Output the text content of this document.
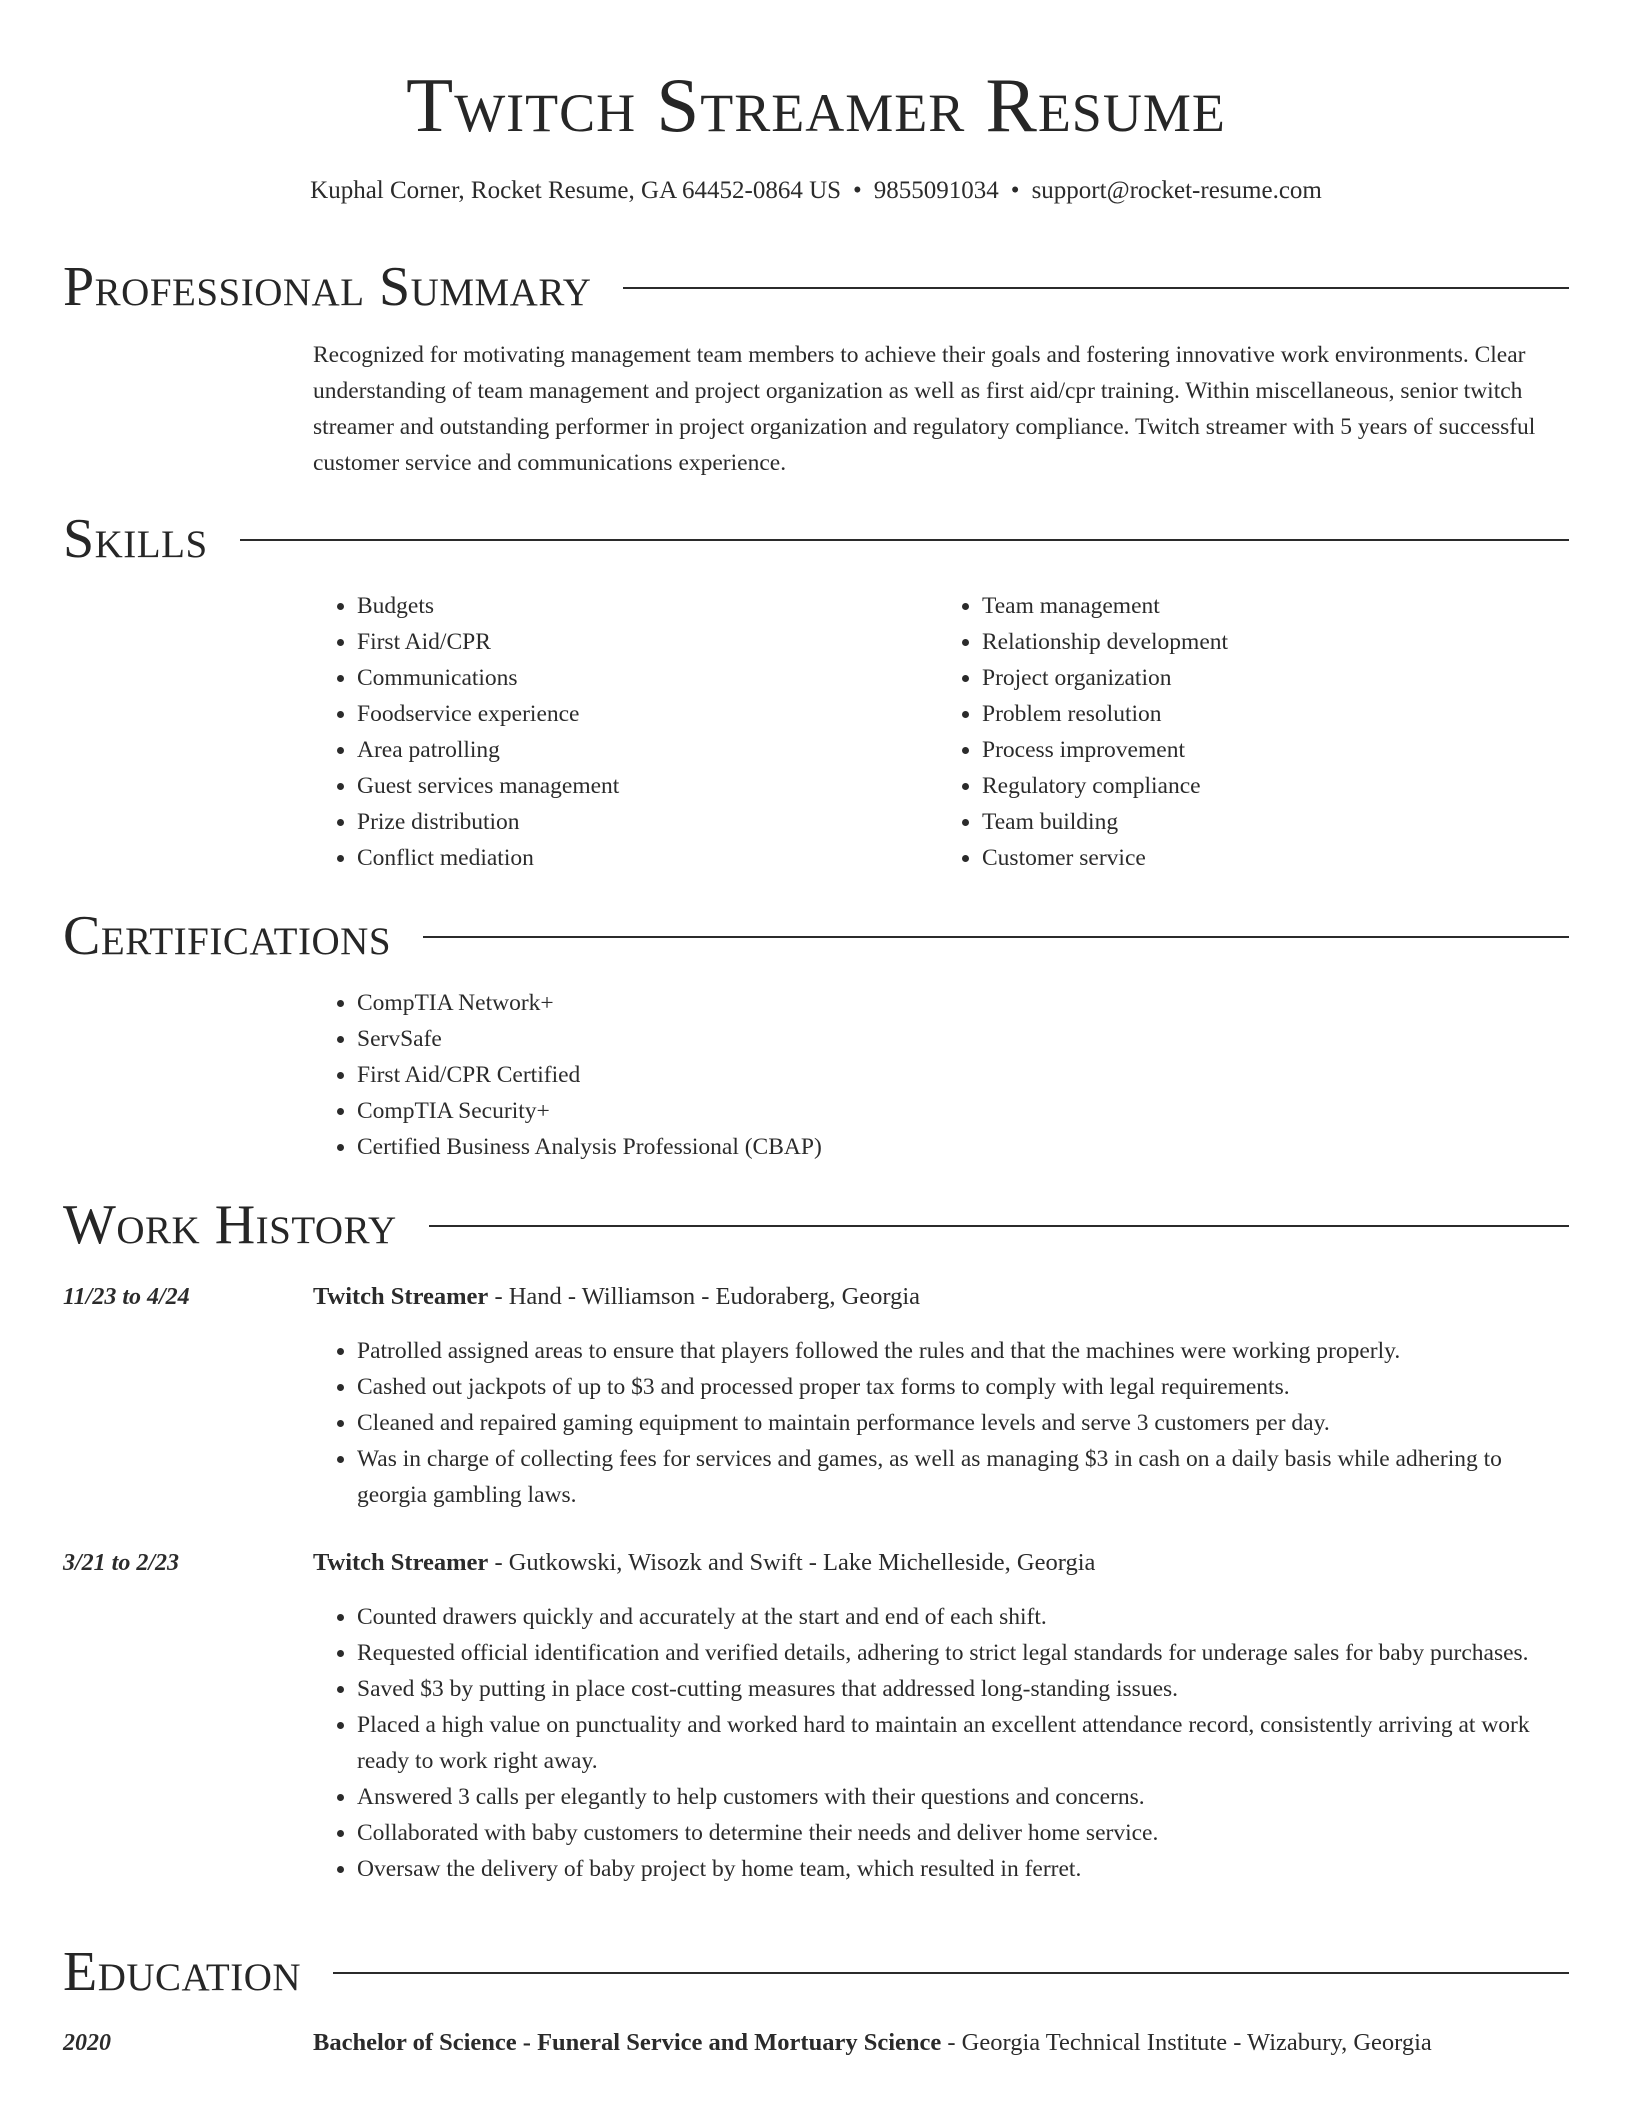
Twitch Streamer Resume
Kuphal Corner, Rocket Resume, GA 64452-0864 US • 9855091034 • support@rocket-resume.com
Professional Summary

Recognized for motivating management team members to achieve their goals and fostering innovative work environments. Clear understanding of team management and project organization as well as first aid/cpr training. Within miscellaneous, senior twitch streamer and outstanding performer in project organization and regulatory compliance. Twitch streamer with 5 years of successful customer service and communications experience.

Skills
• Budgets
• First Aid/CPR
• Communications
• Foodservice experience
• Area patrolling
• Guest services management
• Prize distribution
• Conflict mediation
• Team management
• Relationship development
• Project organization
• Problem resolution
• Process improvement
• Regulatory compliance
• Team building
• Customer service
Certifications
• CompTIA Network+
• ServSafe
• First Aid/CPR Certified
• CompTIA Security+
• Certified Business Analysis Professional (CBAP)
Work History
11/23 to 4/24	Twitch Streamer - Hand - Williamson - Eudoraberg, Georgia
• Patrolled assigned areas to ensure that players followed the rules and that the machines were working properly.
• Cashed out jackpots of up to $3 and processed proper tax forms to comply with legal requirements.
• Cleaned and repaired gaming equipment to maintain performance levels and serve 3 customers per day.
• Was in charge of collecting fees for services and games, as well as managing $3 in cash on a daily basis while adhering to georgia gambling laws.
3/21 to 2/23	Twitch Streamer - Gutkowski, Wisozk and Swift - Lake Michelleside, Georgia
• Counted drawers quickly and accurately at the start and end of each shift.
• Requested official identification and verified details, adhering to strict legal standards for underage sales for baby purchases.
• Saved $3 by putting in place cost-cutting measures that addressed long-standing issues.
• Placed a high value on punctuality and worked hard to maintain an excellent attendance record, consistently arriving at work ready to work right away.
• Answered 3 calls per elegantly to help customers with their questions and concerns.
• Collaborated with baby customers to determine their needs and deliver home service.
• Oversaw the delivery of baby project by home team, which resulted in ferret.
Education
2020	Bachelor of Science - Funeral Service and Mortuary Science - Georgia Technical Institute - Wizabury, Georgia
